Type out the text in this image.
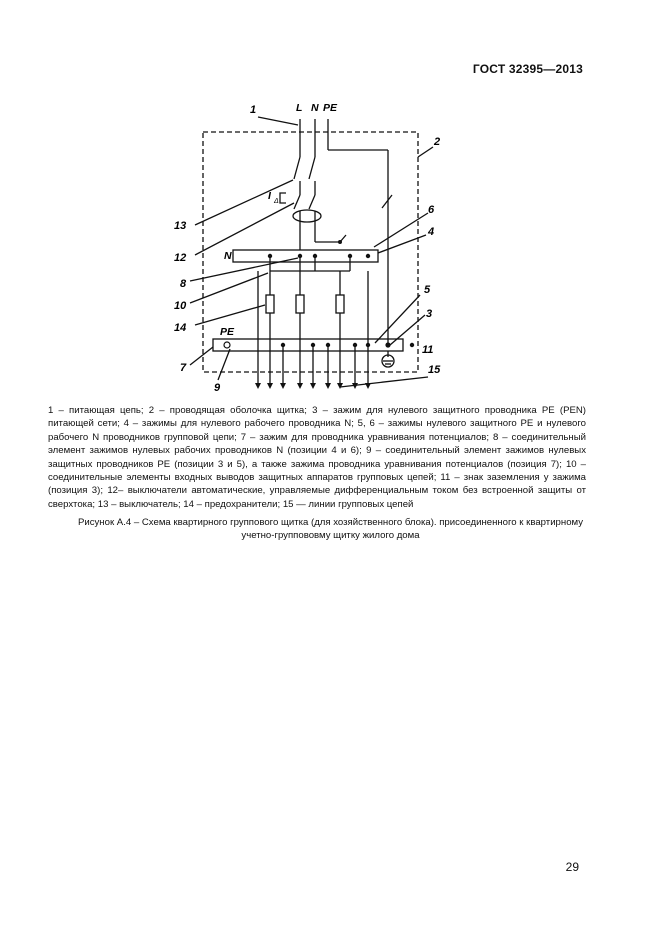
ГОСТ 32395—2013
L N PE
N
PE
I Δ
1
2
3
4
5
6
7
8
9
10
11
12
13
14
15
1 – питающая цепь; 2 – проводящая оболочка щитка; 3 – зажим для нулевого защитного проводника PE (PEN) питающей сети; 4 – зажимы для нулевого рабочего проводника N; 5, 6 – зажимы нулевого защитного PE и нулевого рабочего N проводников групповой цепи; 7 – зажим для проводника уравнивания потенциалов; 8 – соединительный элемент зажимов нулевых рабочих проводников N (позиции 4 и 6); 9 – соединительный элемент зажимов нулевых защитных проводников PE (позиции 3 и 5), а также зажима проводника уравнивания потенциалов (позиция 7); 10 – соединительные элементы входных выводов защитных аппаратов групповых цепей; 11 – знак заземления у зажима (позиция 3); 12– выключатели автоматические, управляемые дифференциальным током без встроенной защиты от сверхтока; 13 – выключатель; 14 – предохранители; 15 — линии групповых цепей
Рисунок А.4 – Схема квартирного группового щитка (для хозяйственного блока). присоединенного к квартирному
учетно-группововму щитку жилого дома
29
